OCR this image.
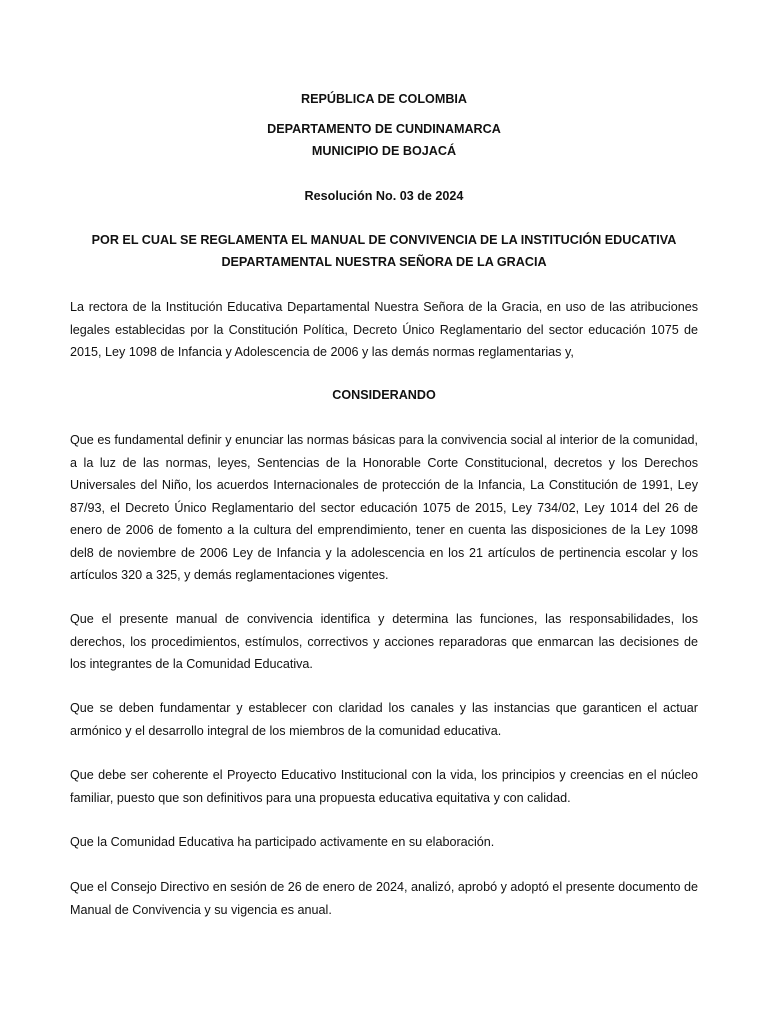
REPÚBLICA DE COLOMBIA

DEPARTAMENTO DE CUNDINAMARCA

MUNICIPIO DE BOJACÁ

Resolución No. 03 de 2024

POR EL CUAL SE REGLAMENTA EL MANUAL DE CONVIVENCIA DE LA INSTITUCIÓN EDUCATIVA

DEPARTAMENTAL NUESTRA SEÑORA DE LA GRACIA

La rectora de la Institución Educativa Departamental Nuestra Señora de la Gracia, en uso de las atribuciones legales establecidas por la Constitución Política, Decreto Único Reglamentario del sector educación 1075 de 2015, Ley 1098 de Infancia y Adolescencia de 2006 y las demás normas reglamentarias y,

CONSIDERANDO

Que es fundamental definir y enunciar las normas básicas para la convivencia social al interior de la comunidad, a la luz de las normas, leyes, Sentencias de la Honorable Corte Constitucional, decretos y los Derechos Universales del Niño, los acuerdos Internacionales de protección de la Infancia, La Constitución de 1991, Ley 87/93, el Decreto Único Reglamentario del sector educación 1075 de 2015, Ley 734/02, Ley 1014 del 26 de enero de 2006 de fomento a la cultura del emprendimiento, tener en cuenta las disposiciones de la Ley 1098 del8 de noviembre de 2006 Ley de Infancia y la adolescencia en los 21 artículos de pertinencia escolar y los artículos 320 a 325, y demás reglamentaciones vigentes.

Que el presente manual de convivencia identifica y determina las funciones, las responsabilidades, los derechos, los procedimientos, estímulos, correctivos y acciones reparadoras que enmarcan las decisiones de los integrantes de la Comunidad Educativa.

Que se deben fundamentar y establecer con claridad los canales y las instancias que garanticen el actuar armónico y el desarrollo integral de los miembros de la comunidad educativa.

Que debe ser coherente el Proyecto Educativo Institucional con la vida, los principios y creencias en el núcleo familiar, puesto que son definitivos para una propuesta educativa equitativa y con calidad.

Que la Comunidad Educativa ha participado activamente en su elaboración.

Que el Consejo Directivo en sesión de 26 de enero de 2024, analizó, aprobó y adoptó el presente documento de Manual de Convivencia y su vigencia es anual.
